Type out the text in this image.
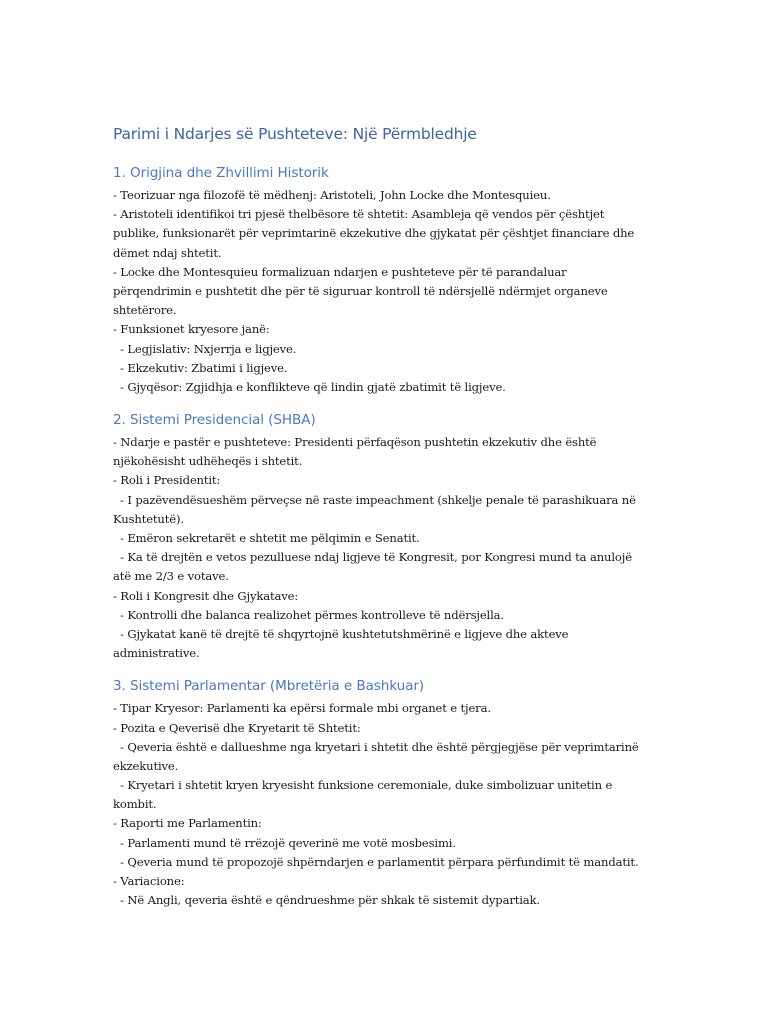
Parimi i Ndarjes së Pushteteve: Një Përmbledhje
1. Origjina dhe Zhvillimi Historik
- Teorizuar nga filozofë të mëdhenj: Aristoteli, John Locke dhe Montesquieu.
- Aristoteli identifikoi tri pjesë thelbësore të shtetit: Asambleja që vendos për çështjet
publike, funksionarët për veprimtarinë ekzekutive dhe gjykatat për çështjet financiare dhe
dëmet ndaj shtetit.
- Locke dhe Montesquieu formalizuan ndarjen e pushteteve për të parandaluar
përqendrimin e pushtetit dhe për të siguruar kontroll të ndërsjellë ndërmjet organeve
shtetërore.
- Funksionet kryesore janë:
- Legjislativ: Nxjerrja e ligjeve.
- Ekzekutiv: Zbatimi i ligjeve.
- Gjyqësor: Zgjidhja e konflikteve që lindin gjatë zbatimit të ligjeve.
2. Sistemi Presidencial (SHBA)
- Ndarje e pastër e pushteteve: Presidenti përfaqëson pushtetin ekzekutiv dhe është
njëkohësisht udhëheqës i shtetit.
- Roli i Presidentit:
- I pazëvendësueshëm përveçse në raste impeachment (shkelje penale të parashikuara në
Kushtetutë).
- Emëron sekretarët e shtetit me pëlqimin e Senatit.
- Ka të drejtën e vetos pezulluese ndaj ligjeve të Kongresit, por Kongresi mund ta anulojë
atë me 2/3 e votave.
- Roli i Kongresit dhe Gjykatave:
- Kontrolli dhe balanca realizohet përmes kontrolleve të ndërsjella.
- Gjykatat kanë të drejtë të shqyrtojnë kushtetutshmërinë e ligjeve dhe akteve
administrative.
3. Sistemi Parlamentar (Mbretëria e Bashkuar)
- Tipar Kryesor: Parlamenti ka epërsi formale mbi organet e tjera.
- Pozita e Qeverisë dhe Kryetarit të Shtetit:
- Qeveria është e dallueshme nga kryetari i shtetit dhe është përgjegjëse për veprimtarinë
ekzekutive.
- Kryetari i shtetit kryen kryesisht funksione ceremoniale, duke simbolizuar unitetin e
kombit.
- Raporti me Parlamentin:
- Parlamenti mund të rrëzojë qeverinë me votë mosbesimi.
- Qeveria mund të propozojë shpërndarjen e parlamentit përpara përfundimit të mandatit.
- Variacione:
- Në Angli, qeveria është e qëndrueshme për shkak të sistemit dypartiak.
